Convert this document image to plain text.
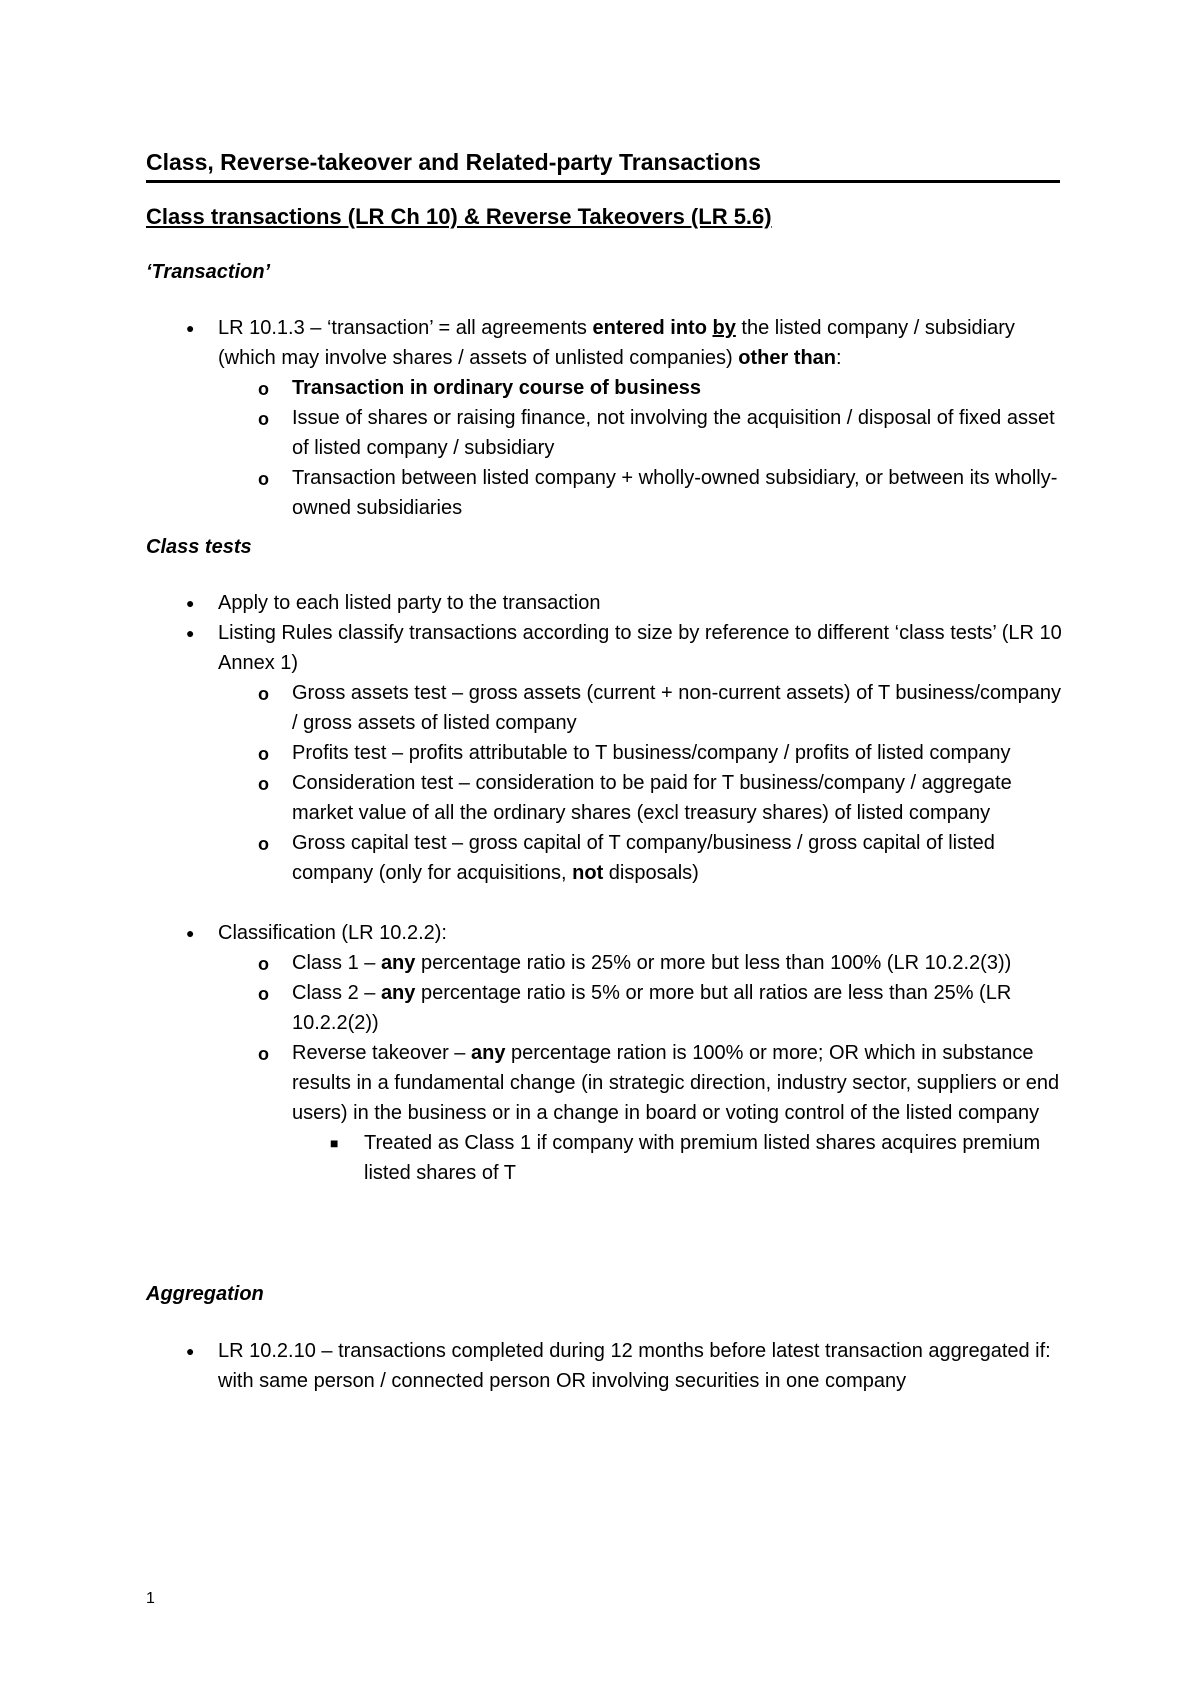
Class, Reverse-takeover and Related-party Transactions
Class transactions (LR Ch 10) & Reverse Takeovers (LR 5.6)
‘Transaction’
● LR 10.1.3 – ‘transaction’ = all agreements entered into by the listed company / subsidiary (which may involve shares / assets of unlisted companies) other than:
o Transaction in ordinary course of business
o Issue of shares or raising finance, not involving the acquisition / disposal of fixed asset of listed company / subsidiary
o Transaction between listed company + wholly-owned subsidiary, or between its wholly-owned subsidiaries
Class tests
● Apply to each listed party to the transaction
● Listing Rules classify transactions according to size by reference to different ‘class tests’ (LR 10 Annex 1)
o Gross assets test – gross assets (current + non-current assets) of T business/company / gross assets of listed company
o Profits test – profits attributable to T business/company / profits of listed company
o Consideration test – consideration to be paid for T business/company / aggregate market value of all the ordinary shares (excl treasury shares) of listed company
o Gross capital test – gross capital of T company/business / gross capital of listed company (only for acquisitions, not disposals)
● Classification (LR 10.2.2):
o Class 1 – any percentage ratio is 25% or more but less than 100% (LR 10.2.2(3))
o Class 2 – any percentage ratio is 5% or more but all ratios are less than 25% (LR 10.2.2(2))
o Reverse takeover – any percentage ration is 100% or more; OR which in substance results in a fundamental change (in strategic direction, industry sector, suppliers or end users) in the business or in a change in board or voting control of the listed company
■ Treated as Class 1 if company with premium listed shares acquires premium listed shares of T
Aggregation
● LR 10.2.10 – transactions completed during 12 months before latest transaction aggregated if: with same person / connected person OR involving securities in one company
1
